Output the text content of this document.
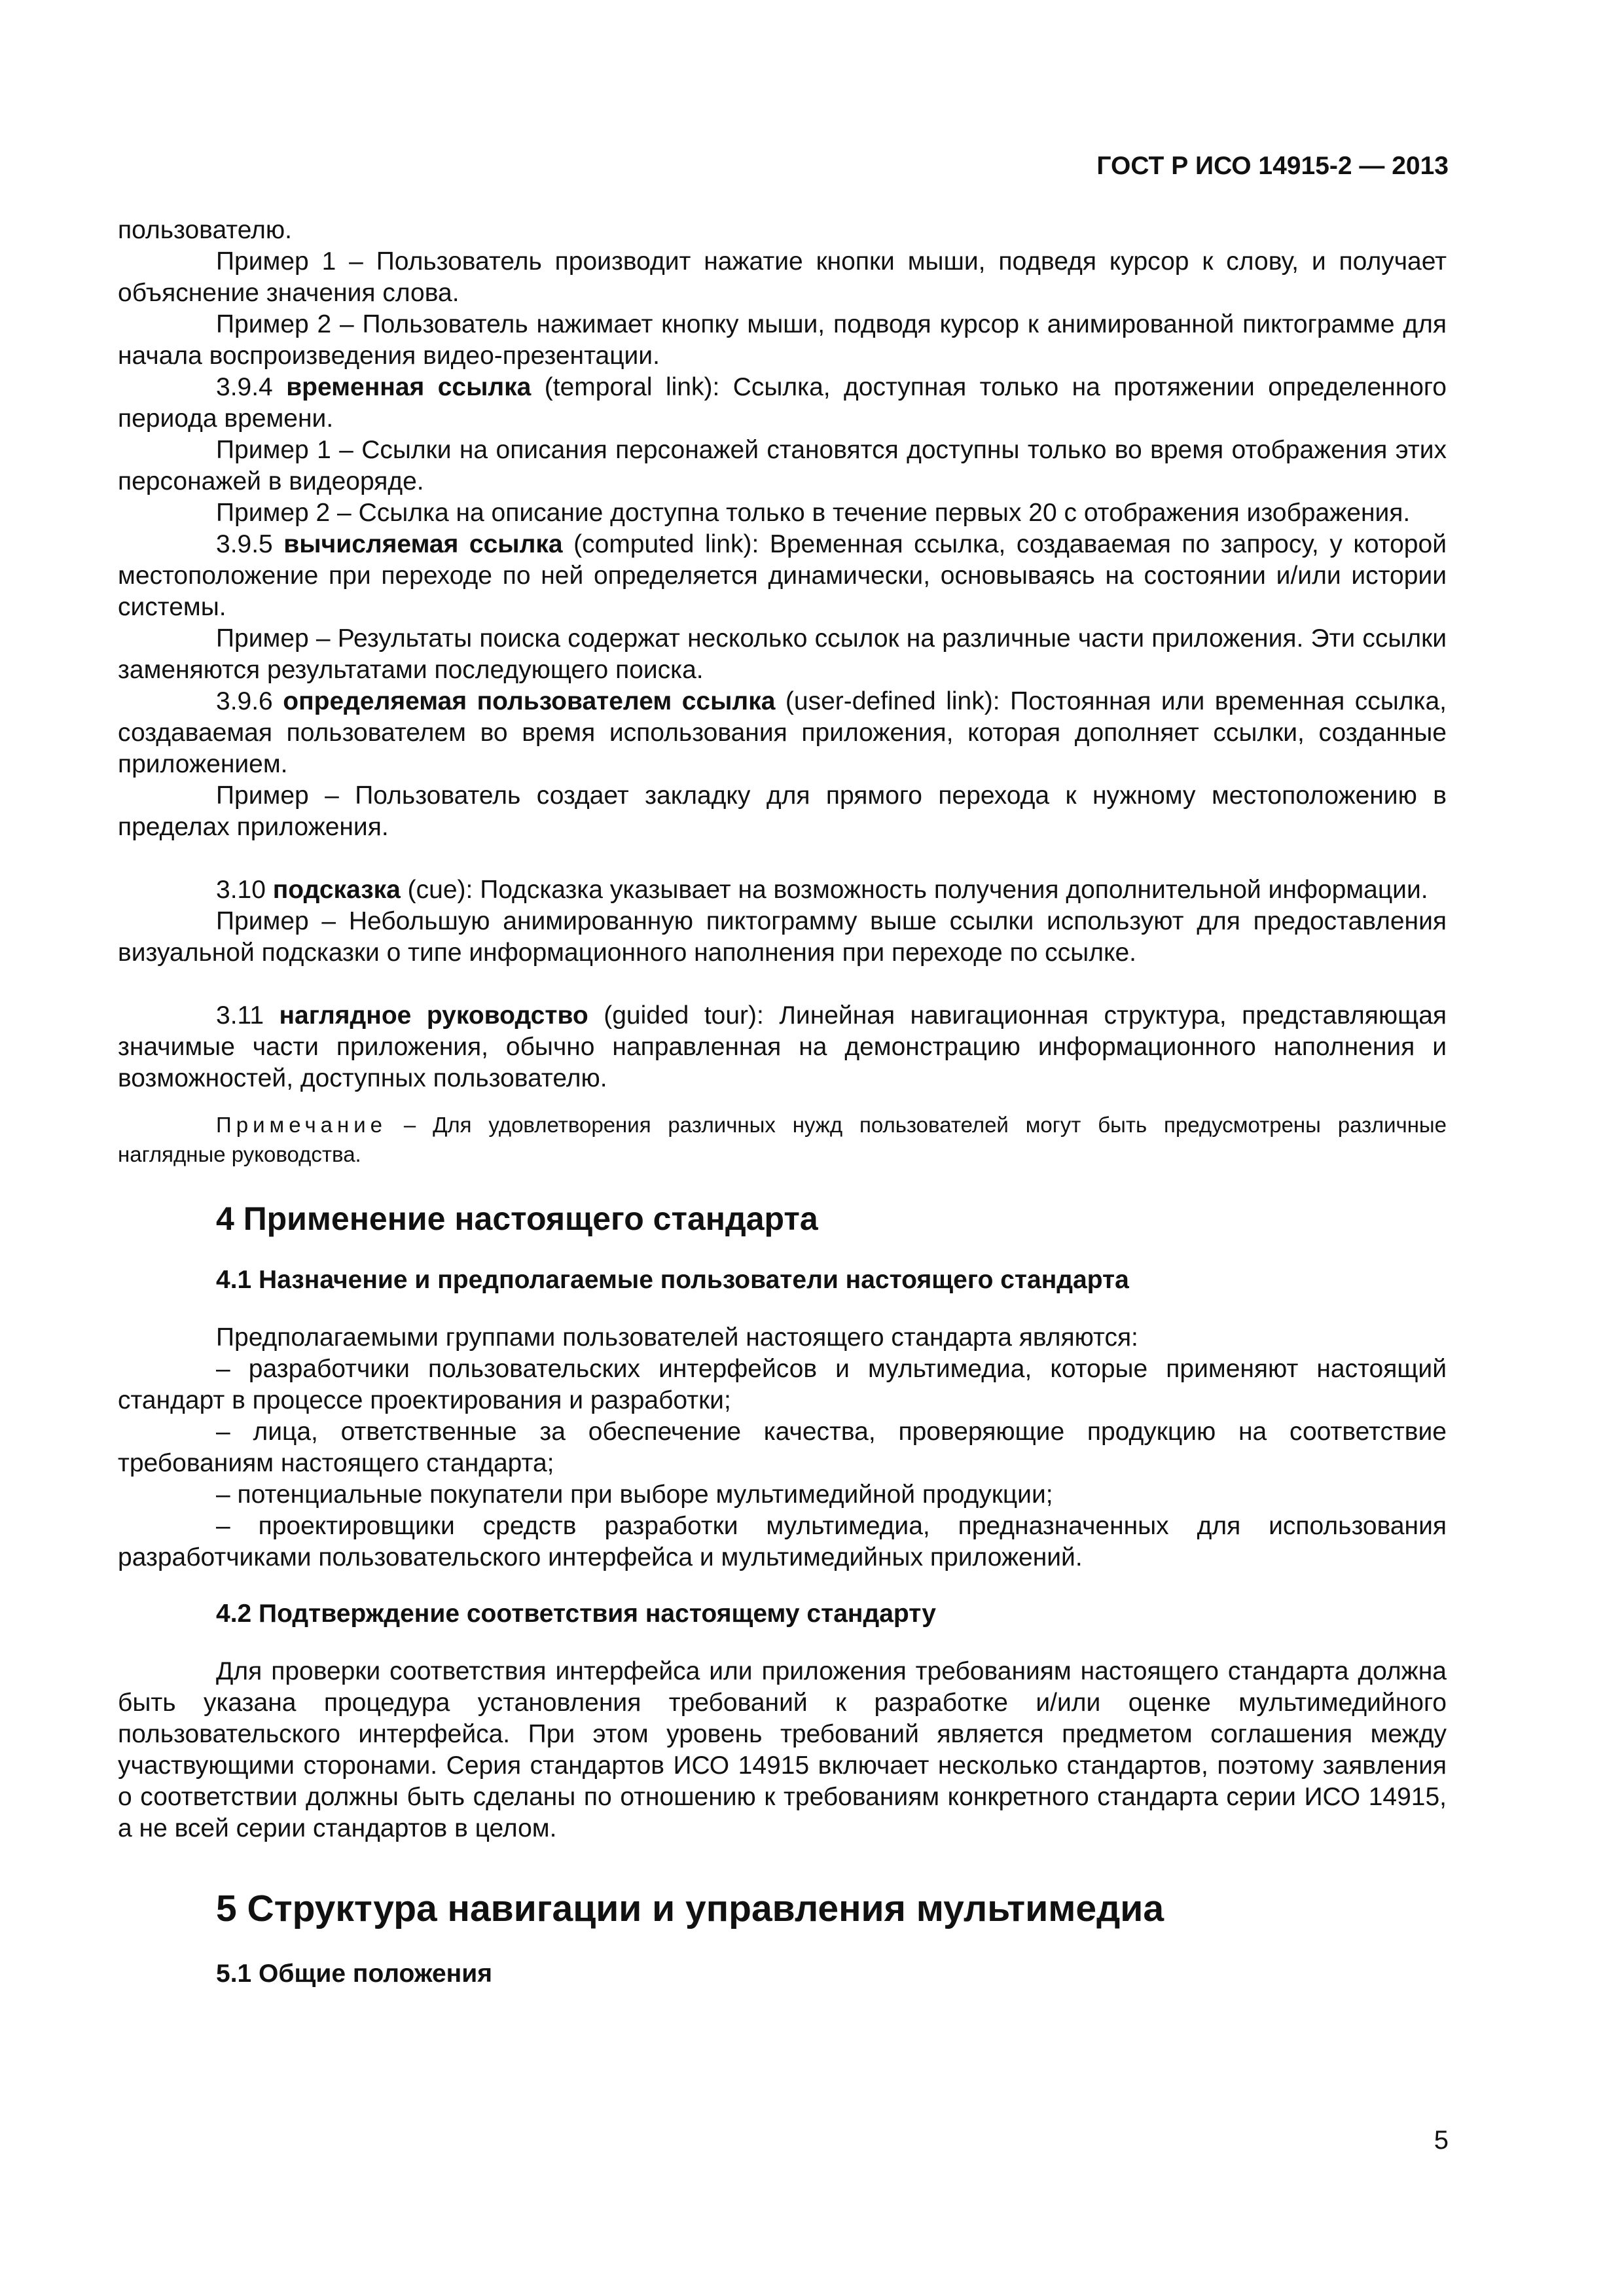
ГОСТ Р ИСО 14915-2 — 2013

пользователю.

Пример 1 – Пользователь производит нажатие кнопки мыши, подведя курсор к слову, и получает объяснение значения слова.

Пример 2 – Пользователь нажимает кнопку мыши, подводя курсор к анимированной пиктограмме для начала воспроизведения видео-презентации.

3.9.4 временная ссылка (temporal link): Ссылка, доступная только на протяжении определенного периода времени.

Пример 1 – Ссылки на описания персонажей становятся доступны только во время отображения этих персонажей в видеоряде.

Пример 2 – Ссылка на описание доступна только в течение первых 20 с отображения изображения.

3.9.5 вычисляемая ссылка (computed link): Временная ссылка, создаваемая по запросу, у которой местоположение при переходе по ней определяется динамически, основываясь на состоянии и/или истории системы.

Пример – Результаты поиска содержат несколько ссылок на различные части приложения. Эти ссылки заменяются результатами последующего поиска.

3.9.6 определяемая пользователем ссылка (user-defined link): Постоянная или временная ссылка, создаваемая пользователем во время использования приложения, которая дополняет ссылки, созданные приложением.

Пример – Пользователь создает закладку для прямого перехода к нужному местоположению в пределах приложения.

3.10 подсказка (cue): Подсказка указывает на возможность получения дополнительной информации.

Пример – Небольшую анимированную пиктограмму выше ссылки используют для предоставления визуальной подсказки о типе информационного наполнения при переходе по ссылке.

3.11 наглядное руководство (guided tour): Линейная навигационная структура, представляющая значимые части приложения, обычно направленная на демонстрацию информационного наполнения и возможностей, доступных пользователю.

Примечание – Для удовлетворения различных нужд пользователей могут быть предусмотрены различные наглядные руководства.

4 Применение настоящего стандарта
4.1 Назначение и предполагаемые пользователи настоящего стандарта

Предполагаемыми группами пользователей настоящего стандарта являются:

– разработчики пользовательских интерфейсов и мультимедиа, которые применяют настоящий стандарт в процессе проектирования и разработки;

– лица, ответственные за обеспечение качества, проверяющие продукцию на соответствие требованиям настоящего стандарта;

– потенциальные покупатели при выборе мультимедийной продукции;

– проектировщики средств разработки мультимедиа, предназначенных для использования разработчиками пользовательского интерфейса и мультимедийных приложений.

4.2 Подтверждение соответствия настоящему стандарту

Для проверки соответствия интерфейса или приложения требованиям настоящего стандарта должна быть указана процедура установления требований к разработке и/или оценке мультимедийного пользовательского интерфейса. При этом уровень требований является предметом соглашения между участвующими сторонами. Серия стандартов ИСО 14915 включает несколько стандартов, поэтому заявления о соответствии должны быть сделаны по отношению к требованиям конкретного стандарта серии ИСО 14915, а не всей серии стандартов в целом.

5 Структура навигации и управления мультимедиа
5.1 Общие положения
5
